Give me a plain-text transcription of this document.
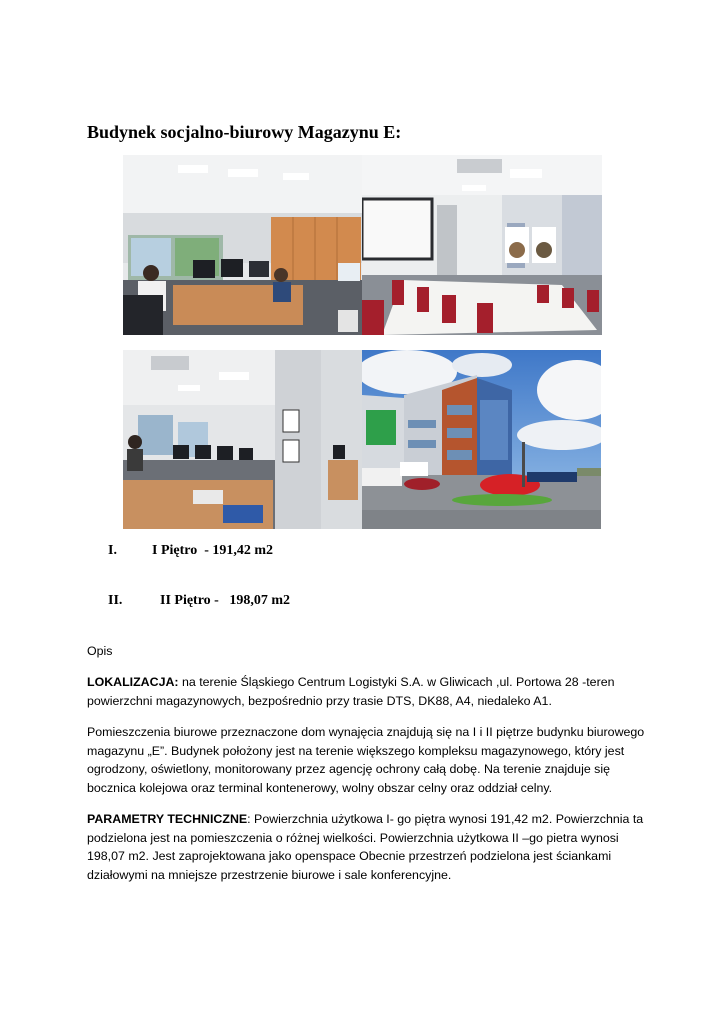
Budynek socjalno-biurowy Magazynu E:

I.

	I Piętro  - 191,42 m2

II.

	II Piętro -   198,07 m2

Opis

LOKALIZACJA: na terenie Śląskiego Centrum Logistyki S.A. w Gliwicach ,ul. Portowa 28 -teren
powierzchni magazynowych, bezpośrednio przy trasie DTS, DK88, A4, niedaleko A1.

Pomieszczenia biurowe przeznaczone dom wynajęcia znajdują się na I i II piętrze budynku biurowego
magazynu „E”. Budynek położony jest na terenie większego kompleksu magazynowego, który jest
ogrodzony, oświetlony, monitorowany przez agencję ochrony całą dobę. Na terenie znajduje się
bocznica kolejowa oraz terminal kontenerowy, wolny obszar celny oraz oddział celny.

PARAMETRY TECHNICZNE: Powierzchnia użytkowa I- go piętra wynosi 191,42 m2. Powierzchnia ta
podzielona jest na pomieszczenia o różnej wielkości. Powierzchnia użytkowa II –go pietra wynosi
198,07 m2. Jest zaprojektowana jako openspace Obecnie przestrzeń podzielona jest ściankami
działowymi na mniejsze przestrzenie biurowe i sale konferencyjne.
